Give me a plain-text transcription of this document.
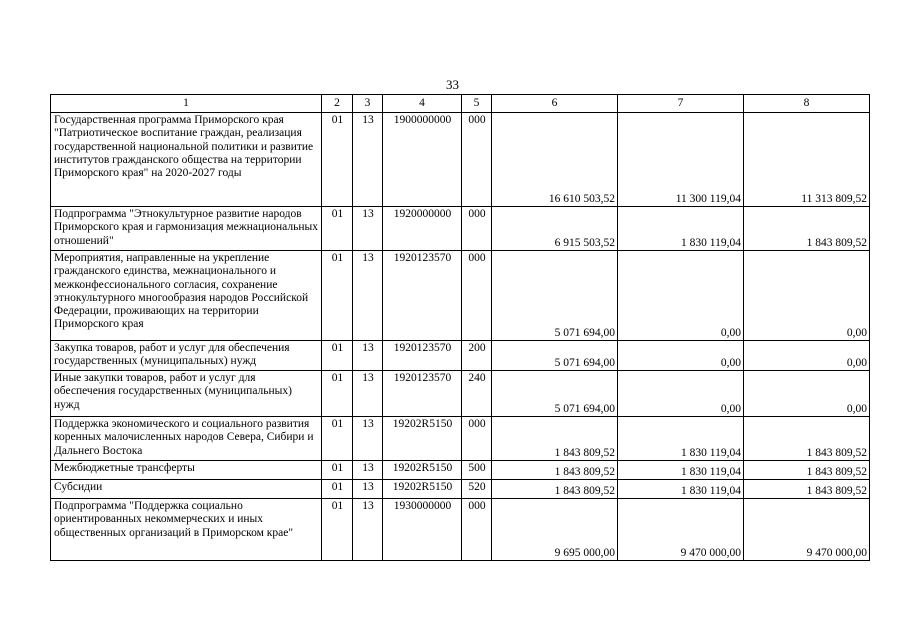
33
1	2	3	4	5	6	7	8
Государственная программа Приморского края "Патриотическое воспитание граждан, реализация государственной национальной политики и развитие институтов гражданского общества на территории Приморского края" на 2020-2027 годы	01	13	1900000000	000	16 610 503,52	11 300 119,04	11 313 809,52
Подпрограмма "Этнокультурное развитие народов Приморского края и гармонизация межнациональных отношений"	01	13	1920000000	000	6 915 503,52	1 830 119,04	1 843 809,52
Мероприятия, направленные на укрепление гражданского единства, межнационального и межконфессионального согласия, сохранение этнокультурного многообразия народов Российской Федерации, проживающих на территории Приморского края	01	13	1920123570	000	5 071 694,00	0,00	0,00
Закупка товаров, работ и услуг для обеспечения государственных (муниципальных) нужд	01	13	1920123570	200	5 071 694,00	0,00	0,00
Иные закупки товаров, работ и услуг для обеспечения государственных (муниципальных) нужд	01	13	1920123570	240	5 071 694,00	0,00	0,00
Поддержка экономического и социального развития коренных малочисленных народов Севера, Сибири и Дальнего Востока	01	13	19202R5150	000	1 843 809,52	1 830 119,04	1 843 809,52
Межбюджетные трансферты	01	13	19202R5150	500	1 843 809,52	1 830 119,04	1 843 809,52
Субсидии	01	13	19202R5150	520	1 843 809,52	1 830 119,04	1 843 809,52
Подпрограмма "Поддержка социально ориентированных некоммерческих и иных общественных организаций в Приморском крае"	01	13	1930000000	000	9 695 000,00	9 470 000,00	9 470 000,00
